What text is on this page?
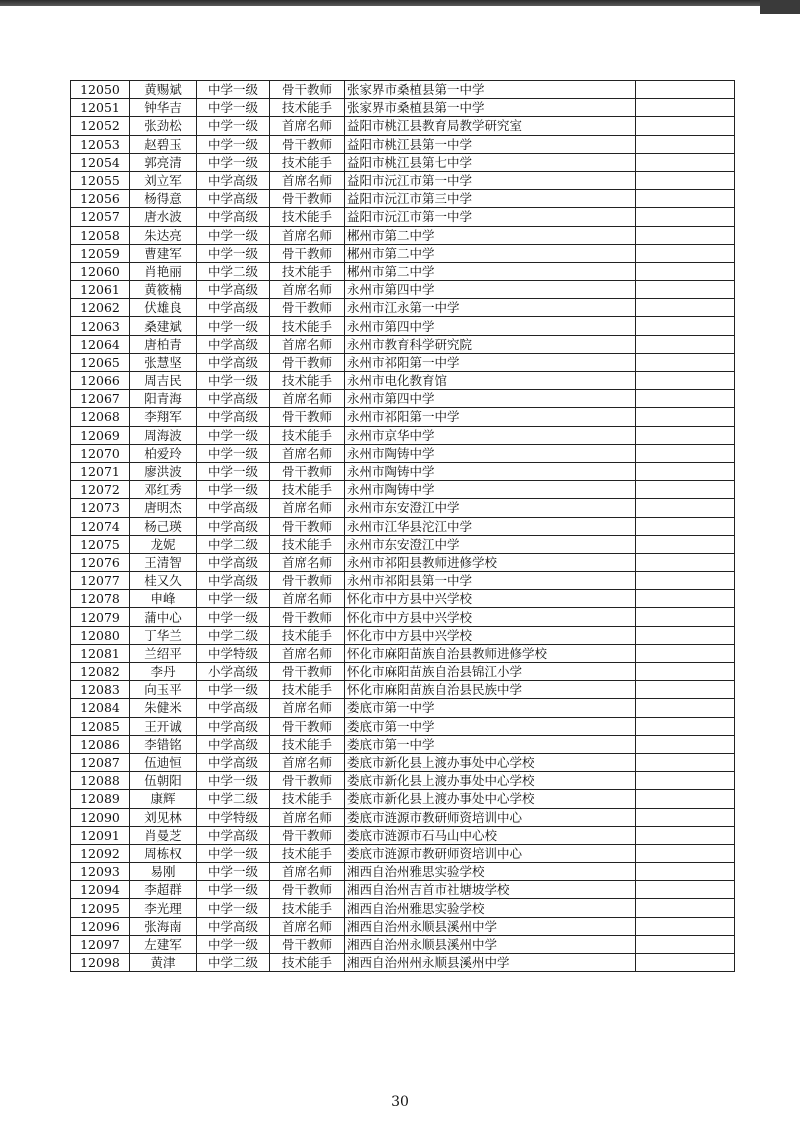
12050	黄赐斌	中学一级	骨干教师	张家界市桑植县第一中学	
12051	钟华吉	中学一级	技术能手	张家界市桑植县第一中学	
12052	张劲松	中学一级	首席名师	益阳市桃江县教育局教学研究室	
12053	赵碧玉	中学一级	骨干教师	益阳市桃江县第一中学	
12054	郭亮清	中学一级	技术能手	益阳市桃江县第七中学	
12055	刘立军	中学高级	首席名师	益阳市沅江市第一中学	
12056	杨得意	中学高级	骨干教师	益阳市沅江市第三中学	
12057	唐水波	中学高级	技术能手	益阳市沅江市第一中学	
12058	朱达亮	中学一级	首席名师	郴州市第二中学	
12059	曹建军	中学一级	骨干教师	郴州市第二中学	
12060	肖艳丽	中学二级	技术能手	郴州市第二中学	
12061	黄筱楠	中学高级	首席名师	永州市第四中学	
12062	伏雄良	中学高级	骨干教师	永州市江永第一中学	
12063	桑建斌	中学一级	技术能手	永州市第四中学	
12064	唐柏青	中学高级	首席名师	永州市教育科学研究院	
12065	张慧坚	中学高级	骨干教师	永州市祁阳第一中学	
12066	周吉民	中学一级	技术能手	永州市电化教育馆	
12067	阳青海	中学高级	首席名师	永州市第四中学	
12068	李翔军	中学高级	骨干教师	永州市祁阳第一中学	
12069	周海波	中学一级	技术能手	永州市京华中学	
12070	柏爱玲	中学一级	首席名师	永州市陶铸中学	
12071	廖洪波	中学一级	骨干教师	永州市陶铸中学	
12072	邓红秀	中学一级	技术能手	永州市陶铸中学	
12073	唐明杰	中学高级	首席名师	永州市东安澄江中学	
12074	杨己瑛	中学高级	骨干教师	永州市江华县沱江中学	
12075	龙妮	中学二级	技术能手	永州市东安澄江中学	
12076	王清智	中学高级	首席名师	永州市祁阳县教师进修学校	
12077	桂又久	中学高级	骨干教师	永州市祁阳县第一中学	
12078	申峰	中学一级	首席名师	怀化市中方县中兴学校	
12079	蒲中心	中学一级	骨干教师	怀化市中方县中兴学校	
12080	丁华兰	中学二级	技术能手	怀化市中方县中兴学校	
12081	兰绍平	中学特级	首席名师	怀化市麻阳苗族自治县教师进修学校	
12082	李丹	小学高级	骨干教师	怀化市麻阳苗族自治县锦江小学	
12083	向玉平	中学一级	技术能手	怀化市麻阳苗族自治县民族中学	
12084	朱健米	中学高级	首席名师	娄底市第一中学	
12085	王开诚	中学高级	骨干教师	娄底市第一中学	
12086	李错铭	中学高级	技术能手	娄底市第一中学	
12087	伍迪恒	中学高级	首席名师	娄底市新化县上渡办事处中心学校	
12088	伍朝阳	中学一级	骨干教师	娄底市新化县上渡办事处中心学校	
12089	康辉	中学二级	技术能手	娄底市新化县上渡办事处中心学校	
12090	刘见林	中学特级	首席名师	娄底市涟源市教研师资培训中心	
12091	肖曼芝	中学高级	骨干教师	娄底市涟源市石马山中心校	
12092	周栋权	中学一级	技术能手	娄底市涟源市教研师资培训中心	
12093	易刚	中学一级	首席名师	湘西自治州雅思实验学校	
12094	李超群	中学一级	骨干教师	湘西自治州吉首市社塘坡学校	
12095	李光理	中学一级	技术能手	湘西自治州雅思实验学校	
12096	张海南	中学高级	首席名师	湘西自治州永顺县溪州中学	
12097	左建军	中学一级	骨干教师	湘西自治州永顺县溪州中学	
12098	黄津	中学二级	技术能手	湘西自治州州永顺县溪州中学	
30
